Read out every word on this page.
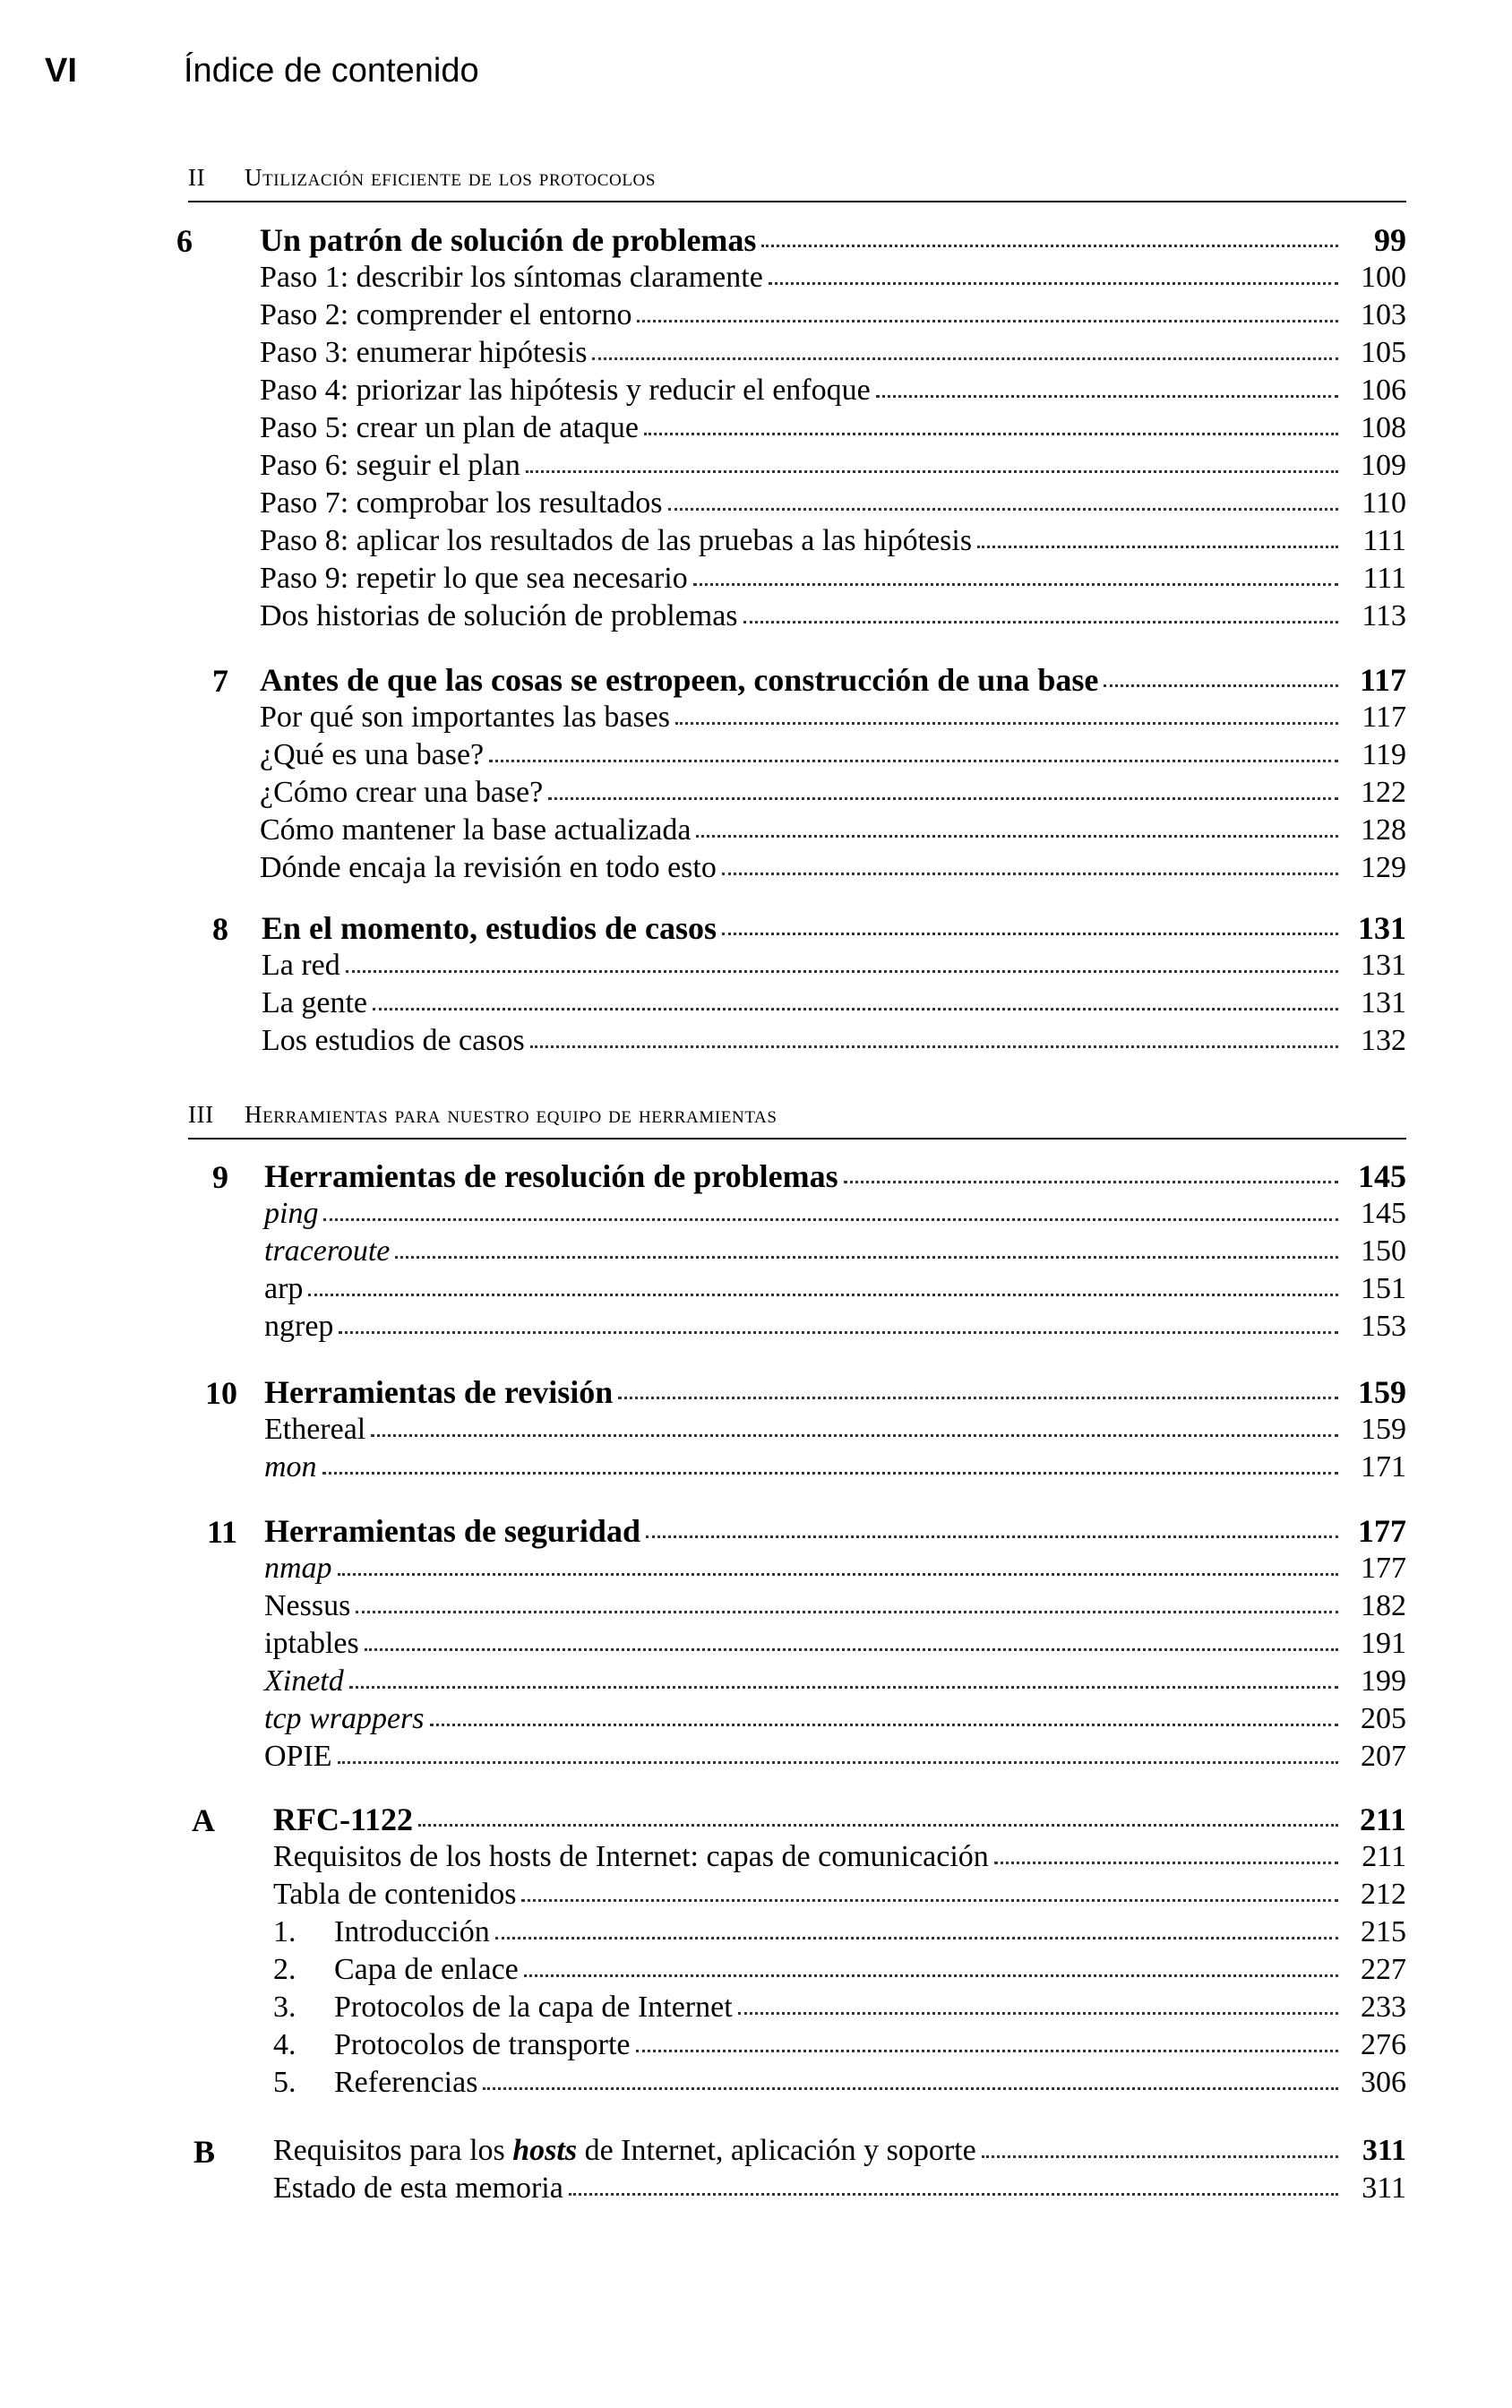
VI	Índice de contenido
II Utilización eficiente de los protocolos
6 Un patrón de solución de problemas	99
Paso 1: describir los síntomas claramente	100
Paso 2: comprender el entorno	103
Paso 3: enumerar hipótesis	105
Paso 4: priorizar las hipótesis y reducir el enfoque	106
Paso 5: crear un plan de ataque	108
Paso 6: seguir el plan	109
Paso 7: comprobar los resultados	110
Paso 8: aplicar los resultados de las pruebas a las hipótesis	111
Paso 9: repetir lo que sea necesario	111
Dos historias de solución de problemas	113
7 Antes de que las cosas se estropeen, construcción de una base	117
Por qué son importantes las bases	117
¿Qué es una base?	119
¿Cómo crear una base?	122
Cómo mantener la base actualizada	128
Dónde encaja la revisión en todo esto	129
8 En el momento, estudios de casos	131
La red	131
La gente	131
Los estudios de casos	132
III Herramientas para nuestro equipo de herramientas
9 Herramientas de resolución de problemas	145
ping	145
traceroute	150
arp	151
ngrep	153
10 Herramientas de revisión	159
Ethereal	159
mon	171
11 Herramientas de seguridad	177
nmap	177
Nessus	182
iptables	191
Xinetd	199
tcp wrappers	205
OPIE	207
A RFC-1122	211
Requisitos de los hosts de Internet: capas de comunicación	211
Tabla de contenidos	212
1. Introducción	215
2. Capa de enlace	227
3. Protocolos de la capa de Internet	233
4. Protocolos de transporte	276
5. Referencias	306
B Requisitos para los hosts de Internet, aplicación y soporte	311
Estado de esta memoria	311
